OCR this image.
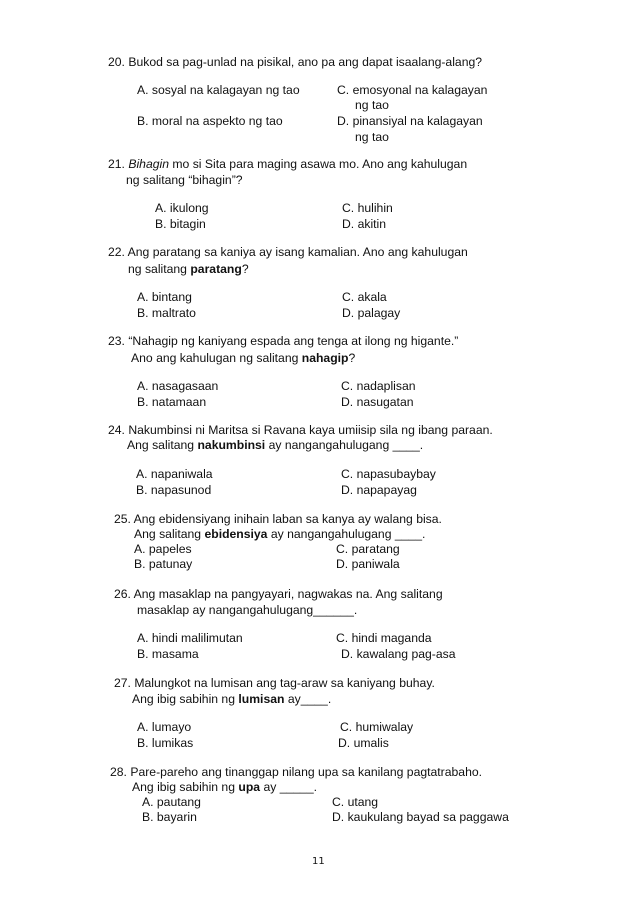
20. Bukod sa pag-unlad na pisikal, ano pa ang dapat isaalang-alang?
A. sosyal na kalagayan ng tao
B. moral na aspekto ng tao
C. emosyonal na kalagayan
ng tao
D. pinansiyal na kalagayan
ng tao
21. Bihagin mo si Sita para maging asawa mo. Ano ang kahulugan
ng salitang “bihagin”?
A. ikulong
B. bitagin
C. hulihin
D. akitin
22. Ang paratang sa kaniya ay isang kamalian. Ano ang kahulugan
ng salitang paratang?
A. bintang
B. maltrato
C. akala
D. palagay
23. “Nahagip ng kaniyang espada ang tenga at ilong ng higante.”
Ano ang kahulugan ng salitang nahagip?
A. nasagasaan
B. natamaan
C. nadaplisan
D. nasugatan
24. Nakumbinsi ni Maritsa si Ravana kaya umiisip sila ng ibang paraan.
Ang salitang nakumbinsi ay nangangahulugang ____.
A. napaniwala
B. napasunod
C. napasubaybay
D. napapayag
25. Ang ebidensiyang inihain laban sa kanya ay walang bisa.
Ang salitang ebidensiya ay nangangahulugang ____.
A. papeles
B. patunay
C. paratang
D. paniwala
26. Ang masaklap na pangyayari, nagwakas na. Ang salitang
masaklap ay nangangahulugang______.
A. hindi malilimutan
B. masama
C. hindi maganda
D. kawalang pag-asa
27. Malungkot na lumisan ang tag-araw sa kaniyang buhay.
Ang ibig sabihin ng lumisan ay____.
A. lumayo
B. lumikas
C. humiwalay
D. umalis
28. Pare-pareho ang tinanggap nilang upa sa kanilang pagtatrabaho.
Ang ibig sabihin ng upa ay _____.
A. pautang
B. bayarin
C. utang
D. kaukulang bayad sa paggawa
11
